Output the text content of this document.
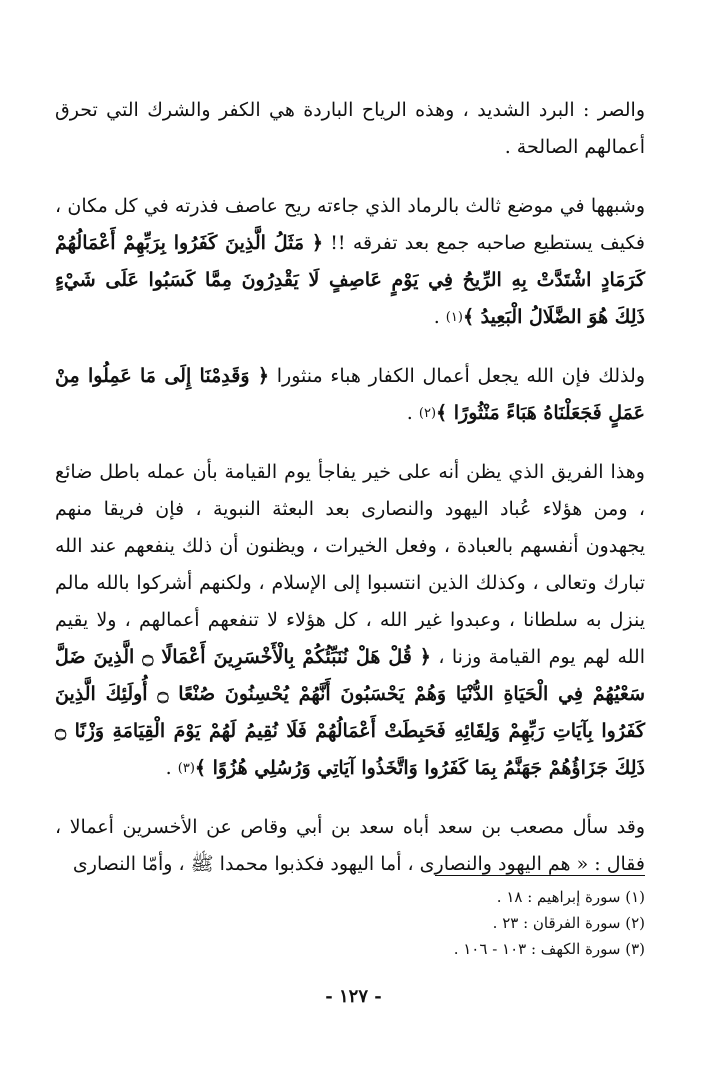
والصر : البرد الشديد ، وهذه الرياح الباردة هي الكفر والشرك التي تحرق أعمالهم الصالحة .

وشبهها في موضع ثالث بالرماد الذي جاءته ريح عاصف فذرته في كل مكان ، فكيف يستطيع صاحبه جمع بعد تفرقه !! ﴿ مَثَلُ الَّذِينَ كَفَرُوا بِرَبِّهِمْ أَعْمَالُهُمْ كَرَمَادٍ اشْتَدَّتْ بِهِ الرِّيحُ فِي يَوْمٍ عَاصِفٍ لَا يَقْدِرُونَ مِمَّا كَسَبُوا عَلَى شَيْءٍ ذَلِكَ هُوَ الضَّلَالُ الْبَعِيدُ ﴾$^{(١)}$ .

ولذلك فإن الله يجعل أعمال الكفار هباء منثورا ﴿ وَقَدِمْنَا إِلَى مَا عَمِلُوا مِنْ عَمَلٍ فَجَعَلْنَاهُ هَبَاءً مَنْثُورًا ﴾$^{(٢)}$ .

وهذا الفريق الذي يظن أنه على خير يفاجأ يوم القيامة بأن عمله باطل ضائع ، ومن هؤلاء عُباد اليهود والنصارى بعد البعثة النبوية ، فإن فريقا منهم يجهدون أنفسهم بالعبادة ، وفعل الخيرات ، ويظنون أن ذلك ينفعهم عند الله تبارك وتعالى ، وكذلك الذين انتسبوا إلى الإسلام ، ولكنهم أشركوا بالله مالم ينزل به سلطانا ، وعبدوا غير الله ، كل هؤلاء لا تنفعهم أعمالهم ، ولا يقيم الله لهم يوم القيامة وزنا ، ﴿ قُلْ هَلْ نُنَبِّئُكُمْ بِالْأَخْسَرِينَ أَعْمَالًا ۝ الَّذِينَ ضَلَّ سَعْيُهُمْ فِي الْحَيَاةِ الدُّنْيَا وَهُمْ يَحْسَبُونَ أَنَّهُمْ يُحْسِنُونَ صُنْعًا ۝ أُولَئِكَ الَّذِينَ كَفَرُوا بِآيَاتِ رَبِّهِمْ وَلِقَائِهِ فَحَبِطَتْ أَعْمَالُهُمْ فَلَا نُقِيمُ لَهُمْ يَوْمَ الْقِيَامَةِ وَزْنًا ۝ ذَلِكَ جَزَاؤُهُمْ جَهَنَّمُ بِمَا كَفَرُوا وَاتَّخَذُوا آيَاتِي وَرُسُلِي هُزُوًا ﴾$^{(٣)}$ .

وقد سأل مصعب بن سعد أباه سعد بن أبي وقاص عن الأخسرين أعمالا ، فقال : « هم اليهود والنصارى ، أما اليهود فكذبوا محمدا ﷺ ، وأمّا النصارى

(١) سورة إبراهيم : ١٨ .
(٢) سورة الفرقان : ٢٣ .
(٣) سورة الكهف : ١٠٣ - ١٠٦ .
- ١٢٧ -
